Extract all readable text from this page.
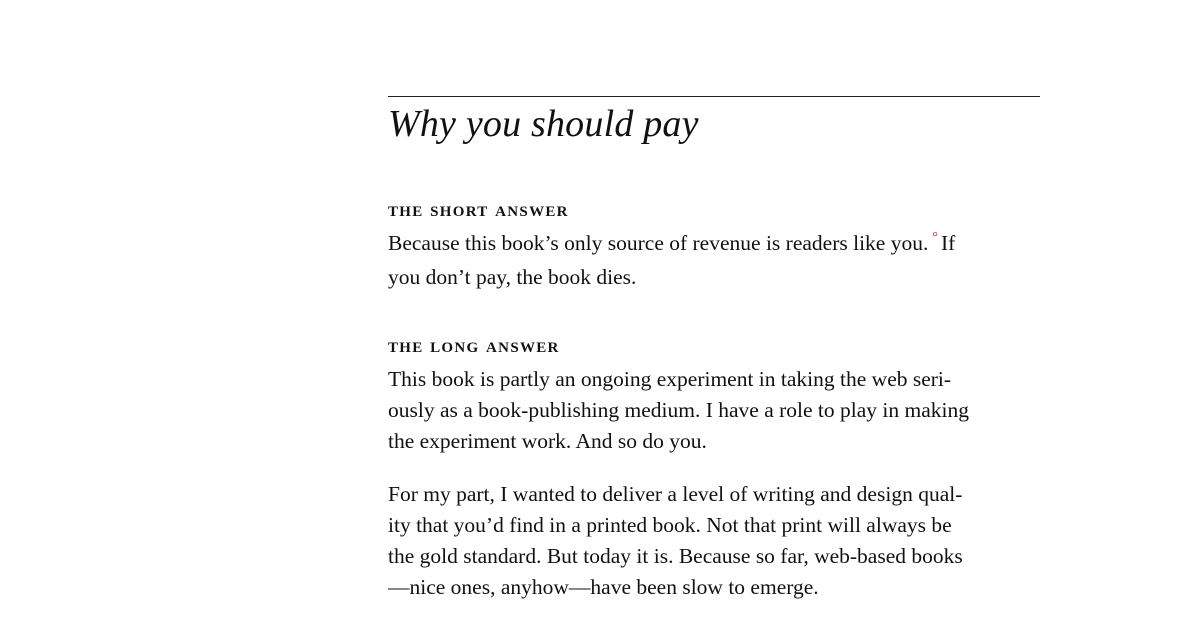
Why you should pay
the short answer

Because this book’s only source of revenue is readers like you. ° If
you don’t pay, the book dies.

the long answer

This book is partly an ongoing experiment in taking the web seri-
ously as a book-publishing medium. I have a role to play in making
the experiment work. And so do you.

For my part, I wanted to deliver a level of writing and design qual-
ity that you’d find in a printed book. Not that print will always be
the gold standard. But today it is. Because so far, web-based books
—nice ones, anyhow—have been slow to emerge.
